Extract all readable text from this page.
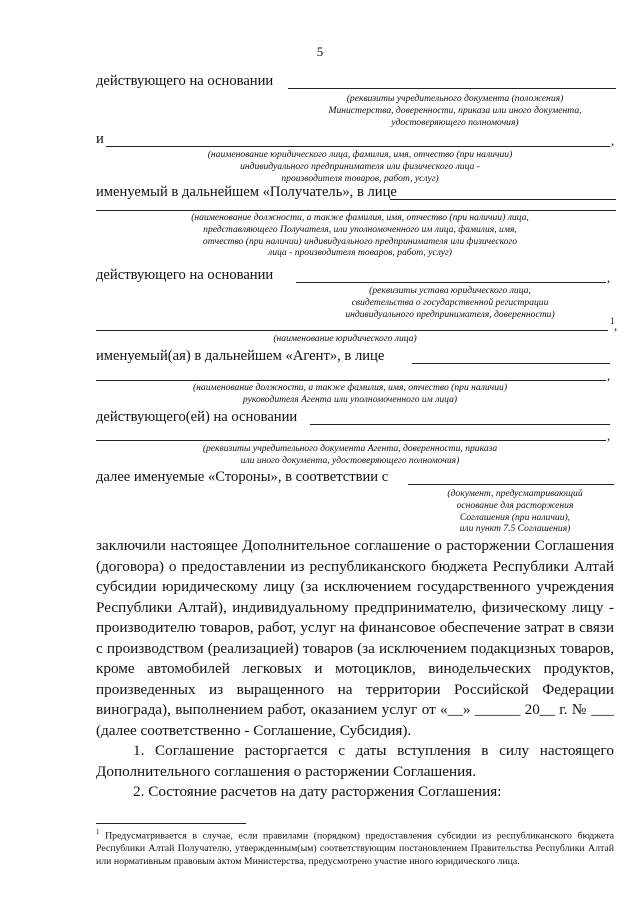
5
действующего на основании
(реквизиты учредительного документа (положения)
Министерства, доверенности, приказа или иного документа,
удостоверяющего полномочия)
и	,
(наименование юридического лица, фамилия, имя, отчество (при наличии)
индивидуального предпринимателя или физического лица -
производителя товаров, работ, услуг)
именуемый в дальнейшем «Получатель», в лице
(наименование должности, а также фамилия, имя, отчество (при наличии) лица,
представляющего Получателя, или уполномоченного им лица, фамилия, имя,
отчество (при наличии) индивидуального предпринимателя или физического
лица - производителя товаров, работ, услуг)
действующего на основании	,
(реквизиты устава юридического лица,
свидетельства о государственной регистрации
индивидуального предпринимателя, доверенности)
1 ,
(наименование юридического лица)
именуемый(ая) в дальнейшем «Агент», в лице
,
(наименование должности, а также фамилия, имя, отчество (при наличии)
руководителя Агента или уполномоченного им лица)
действующего(ей) на основании
,
(реквизиты учредительного документа Агента, доверенности, приказа
или иного документа, удостоверяющего полномочия)
далее именуемые «Стороны», в соответствии с
(документ, предусматривающий
основание для расторжения
Соглашения (при наличии),
или пункт 7.5 Соглашения)
заключили настоящее Дополнительное соглашение о расторжении Соглашения (договора) о предоставлении из республиканского бюджета Республики Алтай субсидии юридическому лицу (за исключением государственного учреждения Республики Алтай), индивидуальному предпринимателю, физическому лицу - производителю товаров, работ, услуг на финансовое обеспечение затрат в связи с производством (реализацией) товаров (за исключением подакцизных товаров, кроме автомобилей легковых и мотоциклов, винодельческих продуктов, произведенных из выращенного на территории Российской Федерации винограда), выполнением работ, оказанием услуг от «__» ______ 20__ г. № ___ (далее соответственно - Соглашение, Субсидия).
1. Соглашение расторгается с даты вступления в силу настоящего Дополнительного соглашения о расторжении Соглашения.
2. Состояние расчетов на дату расторжения Соглашения:
$^1$ Предусматривается в случае, если правилами (порядком) предоставления субсидии из республиканского бюджета Республики Алтай Получателю, утвержденным(ым) соответствующим постановлением Правительства Республики Алтай или нормативным правовым актом Министерства, предусмотрено участие иного юридического лица.
